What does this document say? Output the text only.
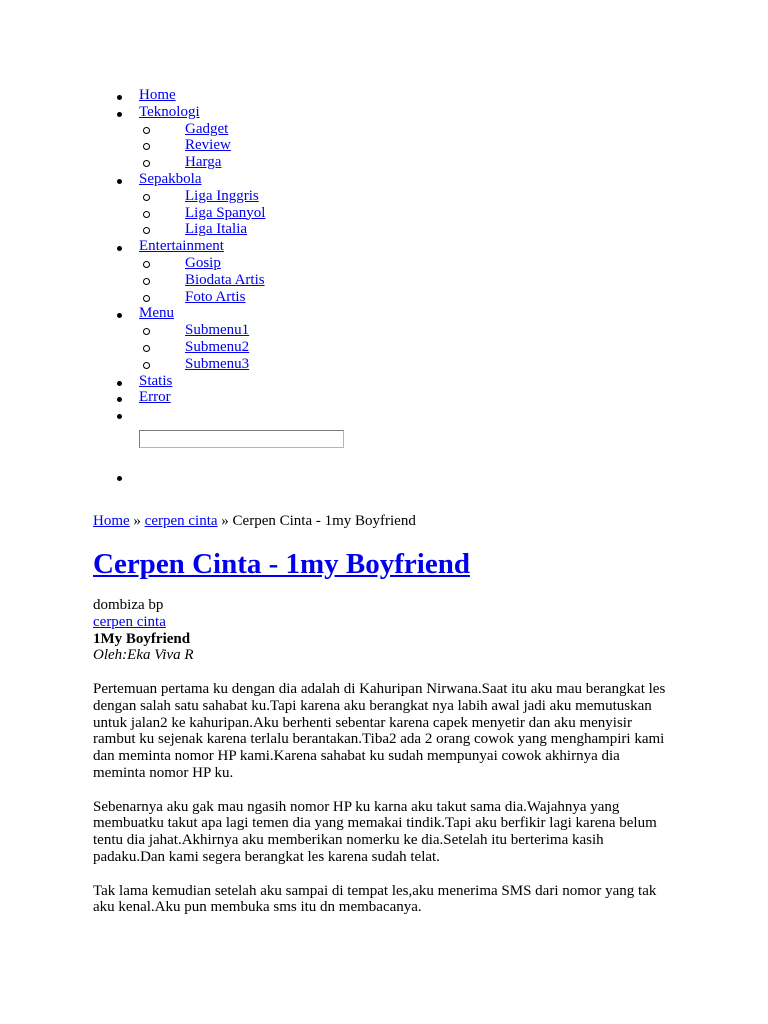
Home
Teknologi
Gadget
Review
Harga
Sepakbola
Liga Inggris
Liga Spanyol
Liga Italia
Entertainment
Gosip
Biodata Artis
Foto Artis
Menu
Submenu1
Submenu2
Submenu3
Statis
Error

Home » cerpen cinta » Cerpen Cinta - 1my Boyfriend
Cerpen Cinta - 1my Boyfriend
dombiza bp
cerpen cinta
1My Boyfriend
Oleh:Eka Viva R

Pertemuan pertama ku dengan dia adalah di Kahuripan Nirwana.Saat itu aku mau berangkat les dengan salah satu sahabat ku.Tapi karena aku berangkat nya labih awal jadi aku memutuskan untuk jalan2 ke kahuripan.Aku berhenti sebentar karena capek menyetir dan aku menyisir rambut ku sejenak karena terlalu berantakan.Tiba2 ada 2 orang cowok yang menghampiri kami dan meminta nomor HP kami.Karena sahabat ku sudah mempunyai cowok akhirnya dia meminta nomor HP ku.

Sebenarnya aku gak mau ngasih nomor HP ku karna aku takut sama dia.Wajahnya yang membuatku takut apa lagi temen dia yang memakai tindik.Tapi aku berfikir lagi karena belum tentu dia jahat.Akhirnya aku memberikan nomerku ke dia.Setelah itu berterima kasih padaku.Dan kami segera berangkat les karena sudah telat.

Tak lama kemudian setelah aku sampai di tempat les,aku menerima SMS dari nomor yang tak aku kenal.Aku pun membuka sms itu dn membacanya.
